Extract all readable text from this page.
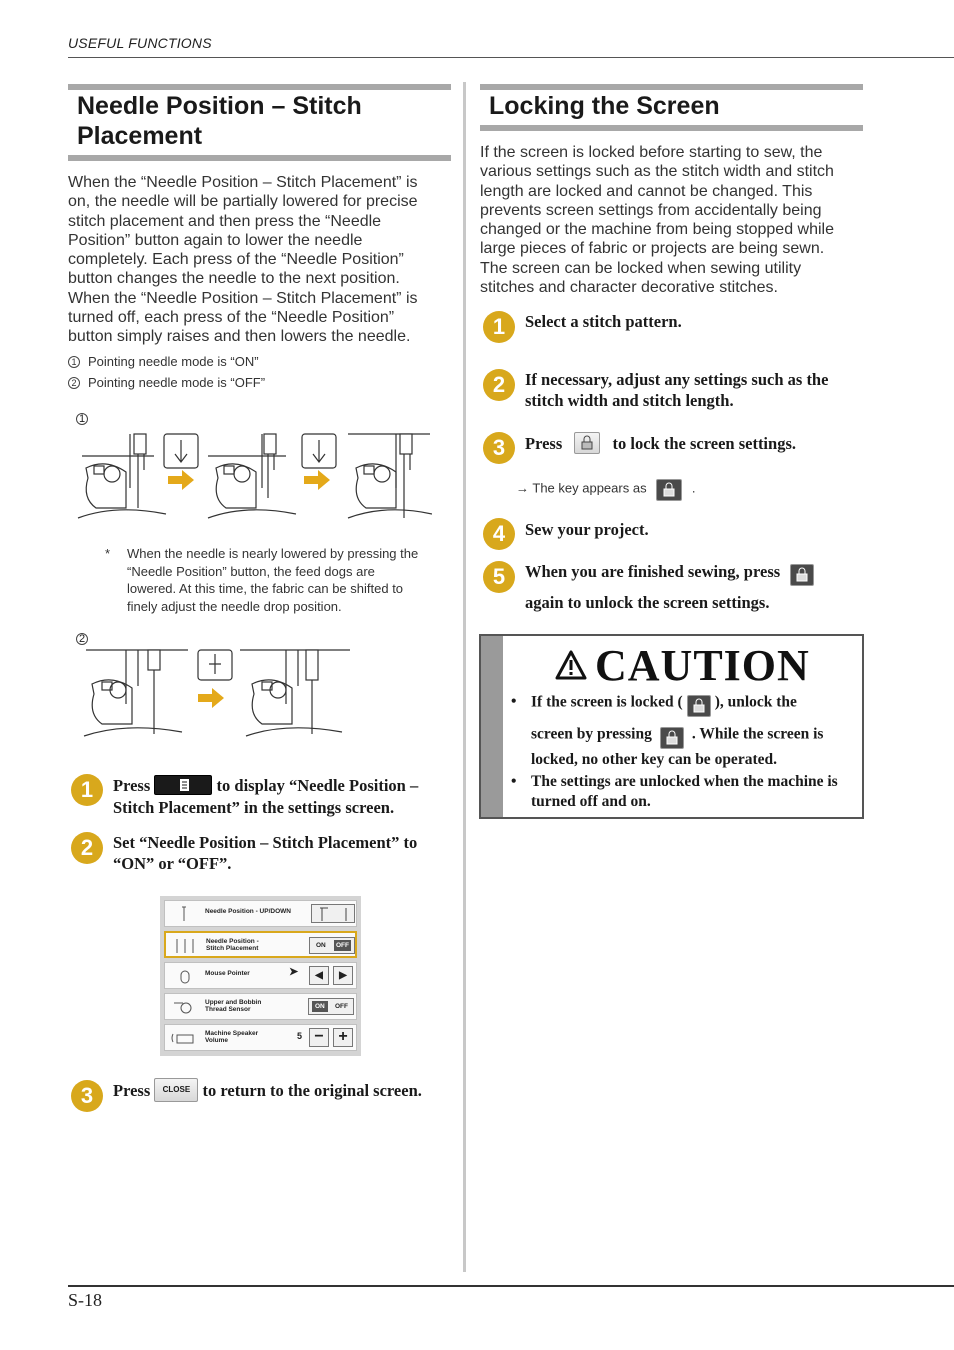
USEFUL FUNCTIONS
S-18
Needle Position – Stitch
Placement
When the “Needle Position – Stitch Placement” is
on, the needle will be partially lowered for precise
stitch placement and then press the “Needle
Position” button again to lower the needle
completely. Each press of the “Needle Position”
button changes the needle to the next position.
When the “Needle Position – Stitch Placement” is
turned off, each press of the “Needle Position”
button simply raises and then lowers the needle.
1 Pointing needle mode is “ON”
2 Pointing needle mode is “OFF”
1
* When the needle is nearly lowered by pressing the
“Needle Position” button, the feed dogs are
lowered. At this time, the fabric can be shifted to
finely adjust the needle drop position.
2
1	Press	to display “Needle Position –
Stitch Placement” in the settings screen.
2	Set “Needle Position – Stitch Placement” to
“ON” or “OFF”.
Needle Position - UP/DOWN
Needle Position -
Stitch Placement	ON	OFF
Mouse Pointer	➤	◀	▶
Upper and Bobbin
Thread Sensor	ON	OFF
Machine Speaker
Volume	5 − +
3	Press CLOSE to return to the original screen.
Locking the Screen
If the screen is locked before starting to sew, the
various settings such as the stitch width and stitch
length are locked and cannot be changed. This
prevents screen settings from accidentally being
changed or the machine from being stopped while
large pieces of fabric or projects are being sewn.
The screen can be locked when sewing utility
stitches and character decorative stitches.
1	Select a stitch pattern.
2	If necessary, adjust any settings such as the
stitch width and stitch length.
3	Press	to lock the screen settings.
→ The key appears as	.
4	Sew your project.
5	When you are finished sewing, press
again to unlock the screen settings.
CAUTION
• If the screen is locked ( ), unlock the
screen by pressing	. While the screen is
locked, no other key can be operated.
• The settings are unlocked when the machine is
turned off and on.
